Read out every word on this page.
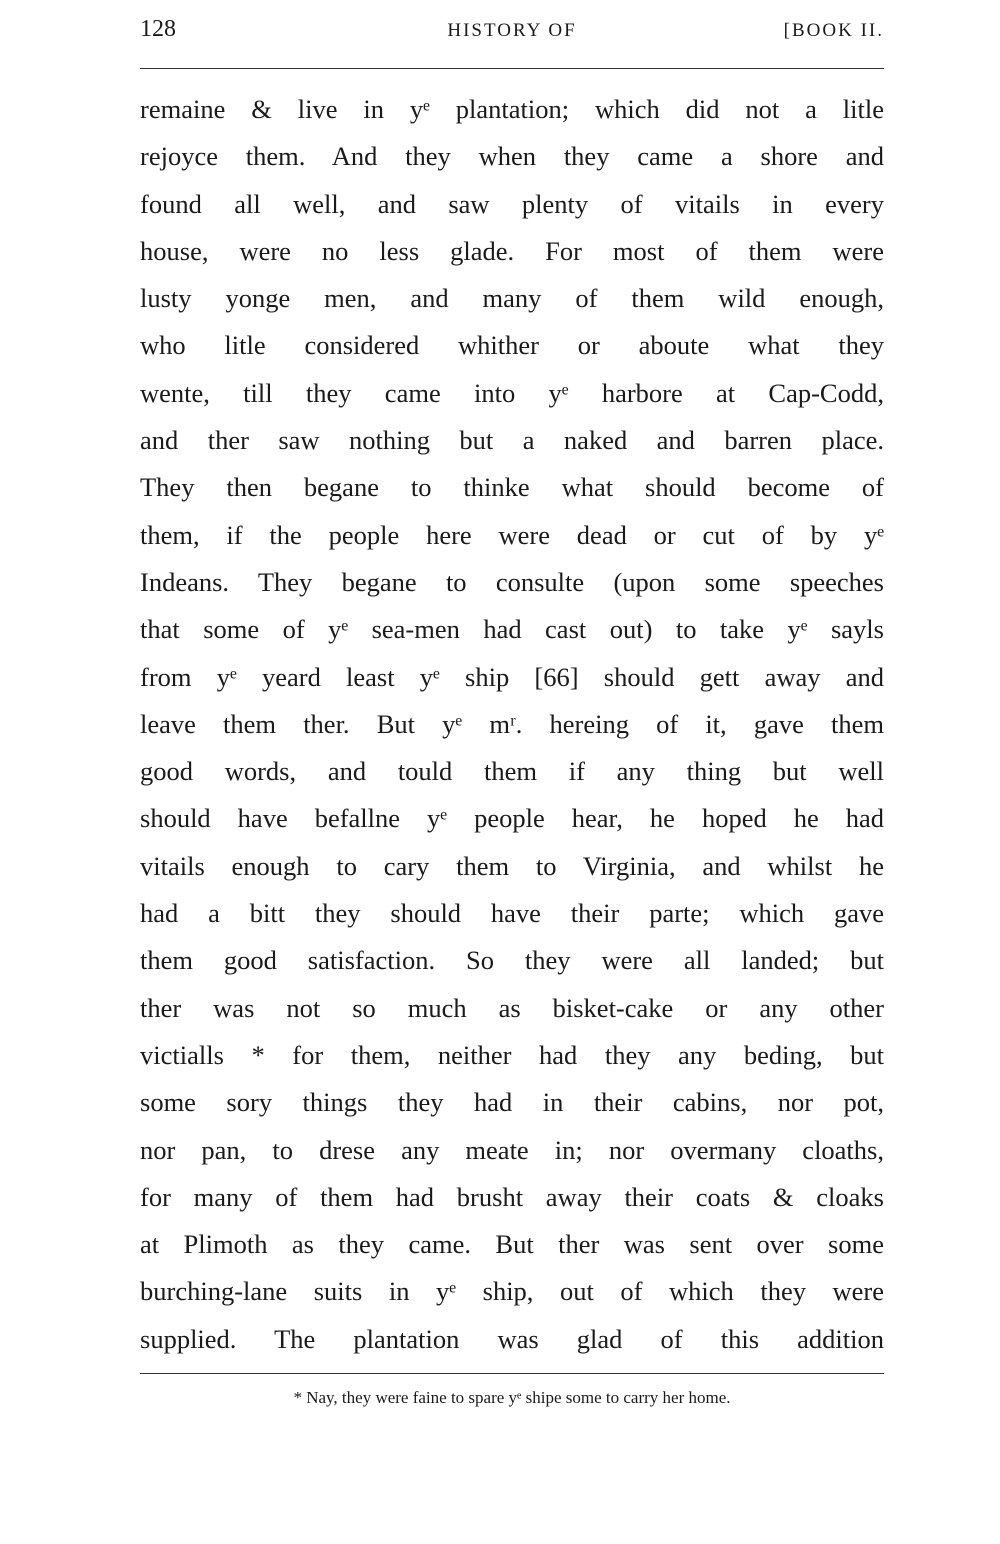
128	HISTORY OF	[BOOK II.
remaine & live in yᵉ plantation; which did not a litle
rejoyce them. And they when they came a shore and
found all well, and saw plenty of vitails in every
house, were no less glade. For most of them were
lusty yonge men, and many of them wild enough,
who litle considered whither or aboute what they
wente, till they came into yᵉ harbore at Cap-Codd,
and ther saw nothing but a naked and barren place.
They then begane to thinke what should become of
them, if the people here were dead or cut of by yᵉ
Indeans. They begane to consulte (upon some speeches
that some of yᵉ sea-men had cast out) to take yᵉ sayls
from yᵉ yeard least yᵉ ship [66] should gett away and
leave them ther. But yᵉ mʳ. hereing of it, gave them
good words, and tould them if any thing but well
should have befallne yᵉ people hear, he hoped he had
vitails enough to cary them to Virginia, and whilst he
had a bitt they should have their parte; which gave
them good satisfaction. So they were all landed; but
ther was not so much as bisket-cake or any other
victialls * for them, neither had they any beding, but
some sory things they had in their cabins, nor pot,
nor pan, to drese any meate in; nor overmany cloaths,
for many of them had brusht away their coats & cloaks
at Plimoth as they came. But ther was sent over some
burching-lane suits in yᵉ ship, out of which they were
supplied. The plantation was glad of this addition
* Nay, they were faine to spare yᵉ shipe some to carry her home.
